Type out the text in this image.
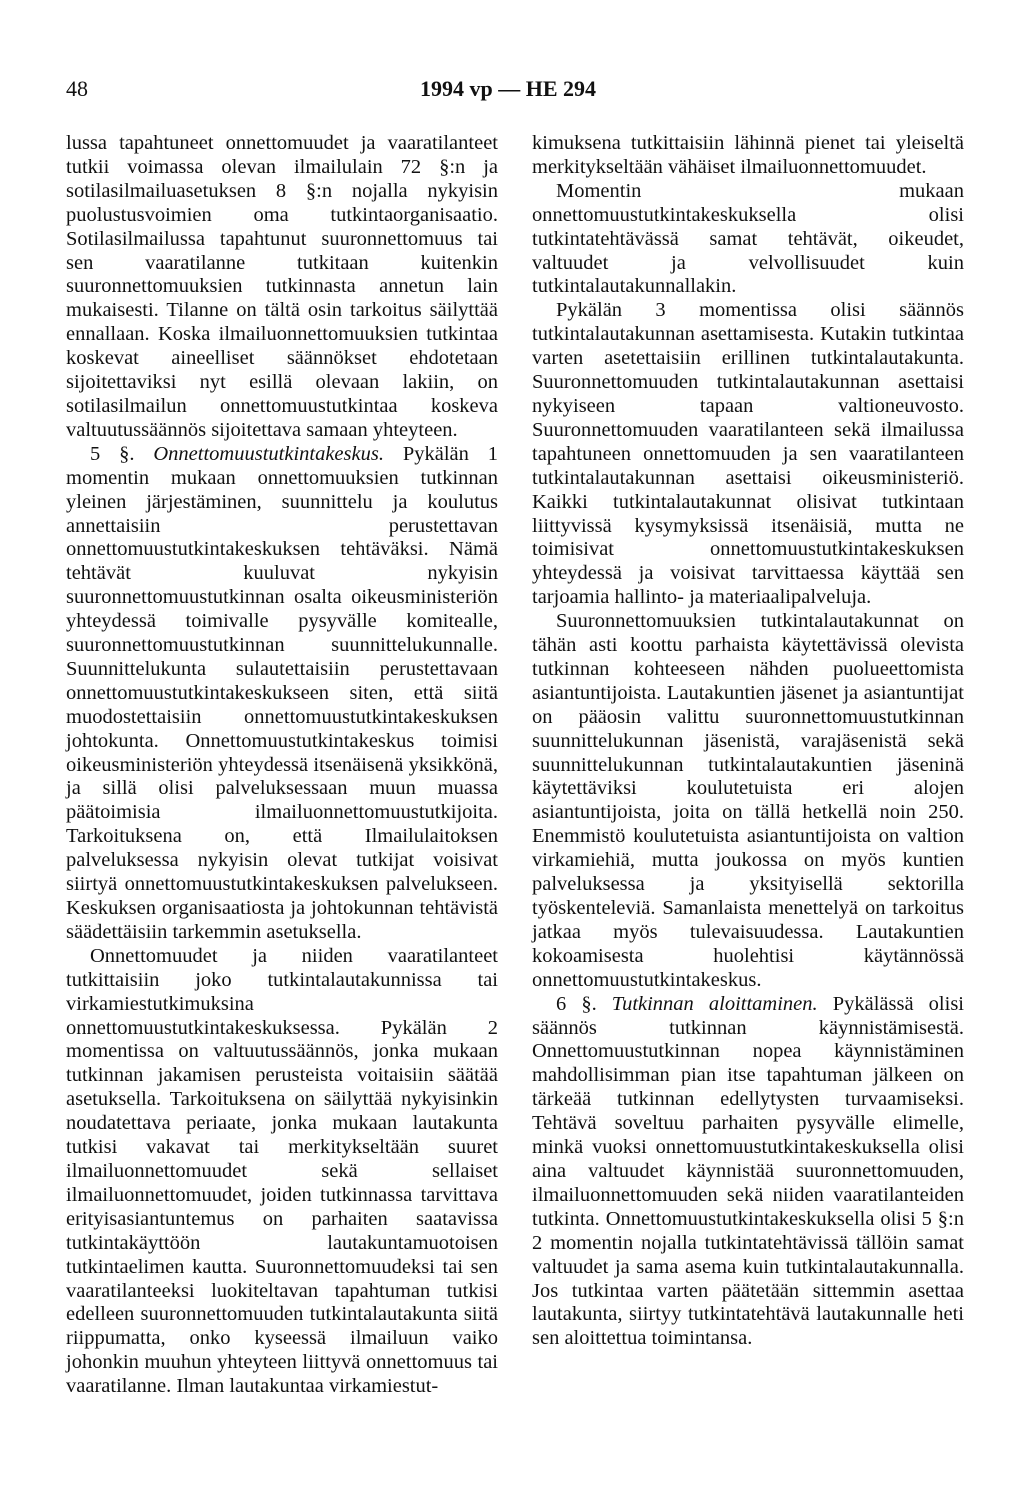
48	1994 vp — HE 294

lussa tapahtuneet onnettomuudet ja vaaratilanteet tutkii voimassa olevan ilmailulain 72 §:n ja sotilasilmailuasetuksen 8 §:n nojalla nykyisin puolustusvoimien oma tutkintaorganisaatio. Sotilasilmailussa tapahtunut suuronnettomuus tai sen vaaratilanne tutkitaan kuitenkin suuronnettomuuksien tutkinnasta annetun lain mukaisesti. Tilanne on tältä osin tarkoitus säilyttää ennallaan. Koska ilmailuonnettomuuksien tutkintaa koskevat aineelliset säännökset ehdotetaan sijoitettaviksi nyt esillä olevaan lakiin, on sotilasilmailun onnettomuustutkintaa koskeva valtuutussäännös sijoitettava samaan yhteyteen.

5 §. Onnettomuustutkintakeskus. Pykälän 1 momentin mukaan onnettomuuksien tutkinnan yleinen järjestäminen, suunnittelu ja koulutus annettaisiin perustettavan onnettomuustutkintakeskuksen tehtäväksi. Nämä tehtävät kuuluvat nykyisin suuronnettomuustutkinnan osalta oikeusministeriön yhteydessä toimivalle pysyvälle komitealle, suuronnettomuustutkinnan suunnittelukunnalle. Suunnittelukunta sulautettaisiin perustettavaan onnettomuustutkintakeskukseen siten, että siitä muodostettaisiin onnettomuustutkintakeskuksen johtokunta. Onnettomuustutkintakeskus toimisi oikeusministeriön yhteydessä itsenäisenä yksikkönä, ja sillä olisi palveluksessaan muun muassa päätoimisia ilmailuonnettomuustutkijoita. Tarkoituksena on, että Ilmailulaitoksen palveluksessa nykyisin olevat tutkijat voisivat siirtyä onnettomuustutkintakeskuksen palvelukseen. Keskuksen organisaatiosta ja johtokunnan tehtävistä säädettäisiin tarkemmin asetuksella.

Onnettomuudet ja niiden vaaratilanteet tutkittaisiin joko tutkintalautakunnissa tai virkamiestutkimuksina onnettomuustutkintakeskuksessa. Pykälän 2 momentissa on valtuutussäännös, jonka mukaan tutkinnan jakamisen perusteista voitaisiin säätää asetuksella. Tarkoituksena on säilyttää nykyisinkin noudatettava periaate, jonka mukaan lautakunta tutkisi vakavat tai merkitykseltään suuret ilmailuonnettomuudet sekä sellaiset ilmailuonnettomuudet, joiden tutkinnassa tarvittava erityisasiantuntemus on parhaiten saatavissa tutkintakäyttöön lautakuntamuotoisen tutkintaelimen kautta. Suuronnettomuudeksi tai sen vaaratilanteeksi luokiteltavan tapahtuman tutkisi edelleen suuronnettomuuden tutkintalautakunta siitä riippumatta, onko kyseessä ilmailuun vaiko johonkin muuhun yhteyteen liittyvä onnettomuus tai vaaratilanne. Ilman lautakuntaa virkamiestut-

kimuksena tutkittaisiin lähinnä pienet tai yleiseltä merkitykseltään vähäiset ilmailuonnettomuudet.

Momentin mukaan onnettomuustutkintakeskuksella olisi tutkintatehtävässä samat tehtävät, oikeudet, valtuudet ja velvollisuudet kuin tutkintalautakunnallakin.

Pykälän 3 momentissa olisi säännös tutkintalautakunnan asettamisesta. Kutakin tutkintaa varten asetettaisiin erillinen tutkintalautakunta. Suuronnettomuuden tutkintalautakunnan asettaisi nykyiseen tapaan valtioneuvosto. Suuronnettomuuden vaaratilanteen sekä ilmailussa tapahtuneen onnettomuuden ja sen vaaratilanteen tutkintalautakunnan asettaisi oikeusministeriö. Kaikki tutkintalautakunnat olisivat tutkintaan liittyvissä kysymyksissä itsenäisiä, mutta ne toimisivat onnettomuustutkintakeskuksen yhteydessä ja voisivat tarvittaessa käyttää sen tarjoamia hallinto- ja materiaalipalveluja.

Suuronnettomuuksien tutkintalautakunnat on tähän asti koottu parhaista käytettävissä olevista tutkinnan kohteeseen nähden puolueettomista asiantuntijoista. Lautakuntien jäsenet ja asiantuntijat on pääosin valittu suuronnettomuustutkinnan suunnittelukunnan jäsenistä, varajäsenistä sekä suunnittelukunnan tutkintalautakuntien jäseninä käytettäviksi koulutetuista eri alojen asiantuntijoista, joita on tällä hetkellä noin 250. Enemmistö koulutetuista asiantuntijoista on valtion virkamiehiä, mutta joukossa on myös kuntien palveluksessa ja yksityisellä sektorilla työskenteleviä. Samanlaista menettelyä on tarkoitus jatkaa myös tulevaisuudessa. Lautakuntien kokoamisesta huolehtisi käytännössä onnettomuustutkintakeskus.

6 §. Tutkinnan aloittaminen. Pykälässä olisi säännös tutkinnan käynnistämisestä. Onnettomuustutkinnan nopea käynnistäminen mahdollisimman pian itse tapahtuman jälkeen on tärkeää tutkinnan edellytysten turvaamiseksi. Tehtävä soveltuu parhaiten pysyvälle elimelle, minkä vuoksi onnettomuustutkintakeskuksella olisi aina valtuudet käynnistää suuronnettomuuden, ilmailuonnettomuuden sekä niiden vaaratilanteiden tutkinta. Onnettomuustutkintakeskuksella olisi 5 §:n 2 momentin nojalla tutkintatehtävissä tällöin samat valtuudet ja sama asema kuin tutkintalautakunnalla. Jos tutkintaa varten päätetään sittemmin asettaa lautakunta, siirtyy tutkintatehtävä lautakunnalle heti sen aloittettua toimintansa.
